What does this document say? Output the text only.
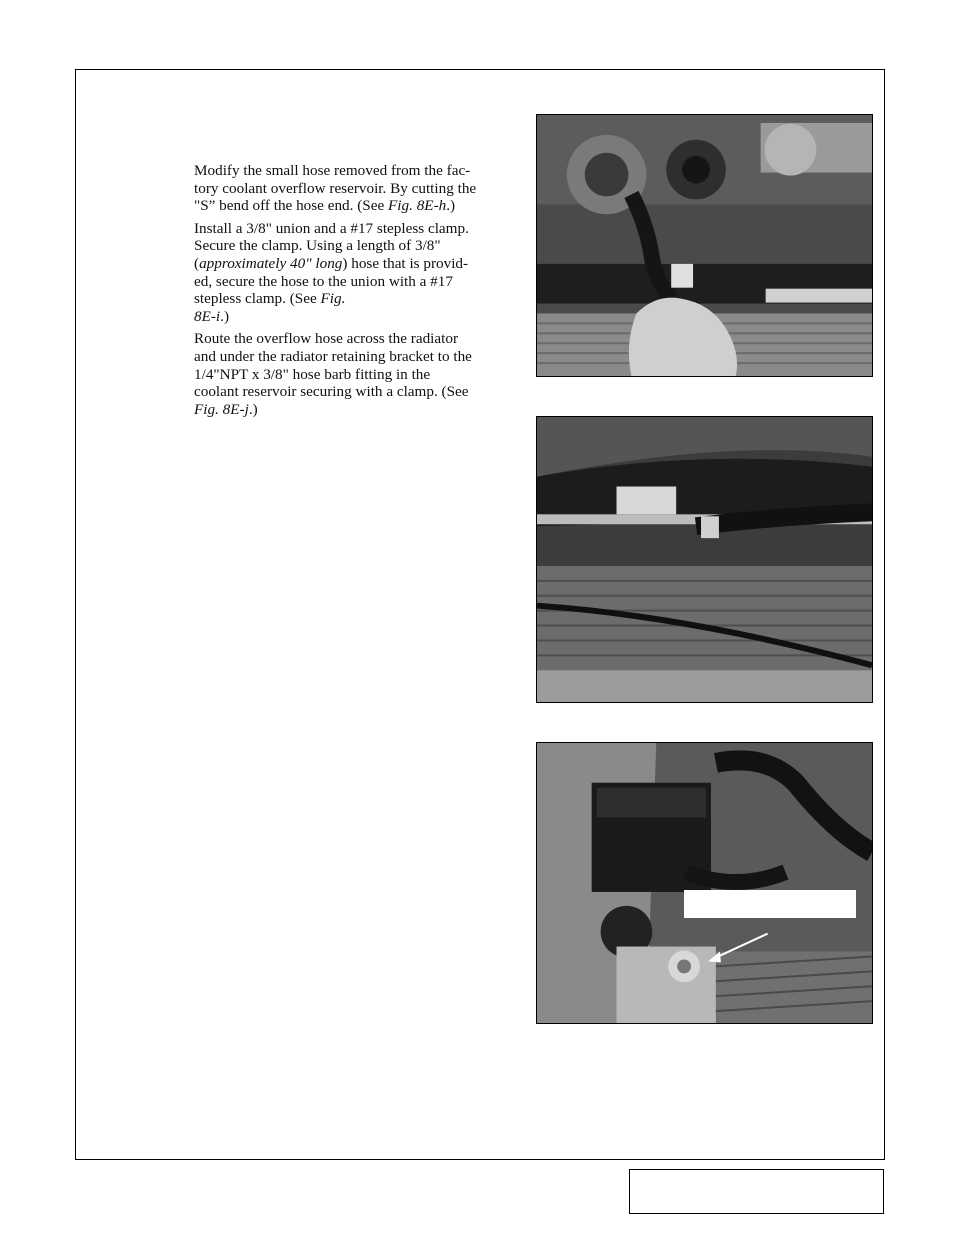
Modify the small hose removed from the fac-
tory coolant overflow reservoir. By cutting the
"S” bend off the hose end. (See Fig. 8E-h.)

Install a 3/8" union and a #17 stepless clamp.
Secure the clamp. Using a length of 3/8"
(approximately 40" long) hose that is provid-
ed, secure the hose to the union with a #17
stepless clamp. (See Fig.
8E-i.)

Route the overflow hose across the radiator
and under the radiator retaining bracket to the
1/4"NPT x 3/8" hose barb fitting in the
coolant reservoir securing with a clamp. (See
Fig. 8E-j.)
